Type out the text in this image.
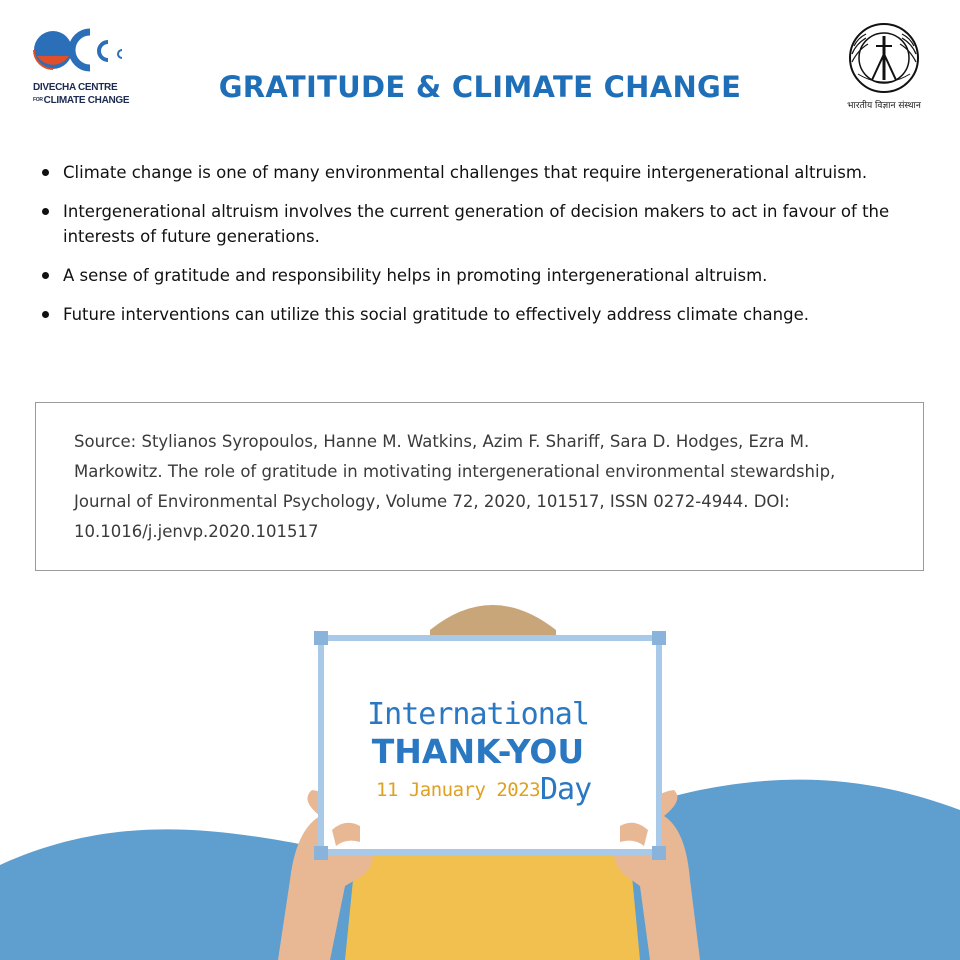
DIVECHA CENTRE
FORCLIMATE CHANGE	भारतीय विज्ञान संस्थान
GRATITUDE & CLIMATE CHANGE
Climate change is one of many environmental challenges that require intergenerational altruism.
Intergenerational altruism involves the current generation of decision makers to act in favour of the interests of future generations.
A sense of gratitude and responsibility helps in promoting intergenerational altruism.
Future interventions can utilize this social gratitude to effectively address climate change.
Source: Stylianos Syropoulos, Hanne M. Watkins, Azim F. Shariff, Sara D. Hodges, Ezra M. Markowitz. The role of gratitude in motivating intergenerational environmental stewardship, Journal of Environmental Psychology, Volume 72, 2020, 101517, ISSN 0272-4944. DOI: 10.1016/j.jenvp.2020.101517
International
THANK-YOU
11 January 2023 Day
